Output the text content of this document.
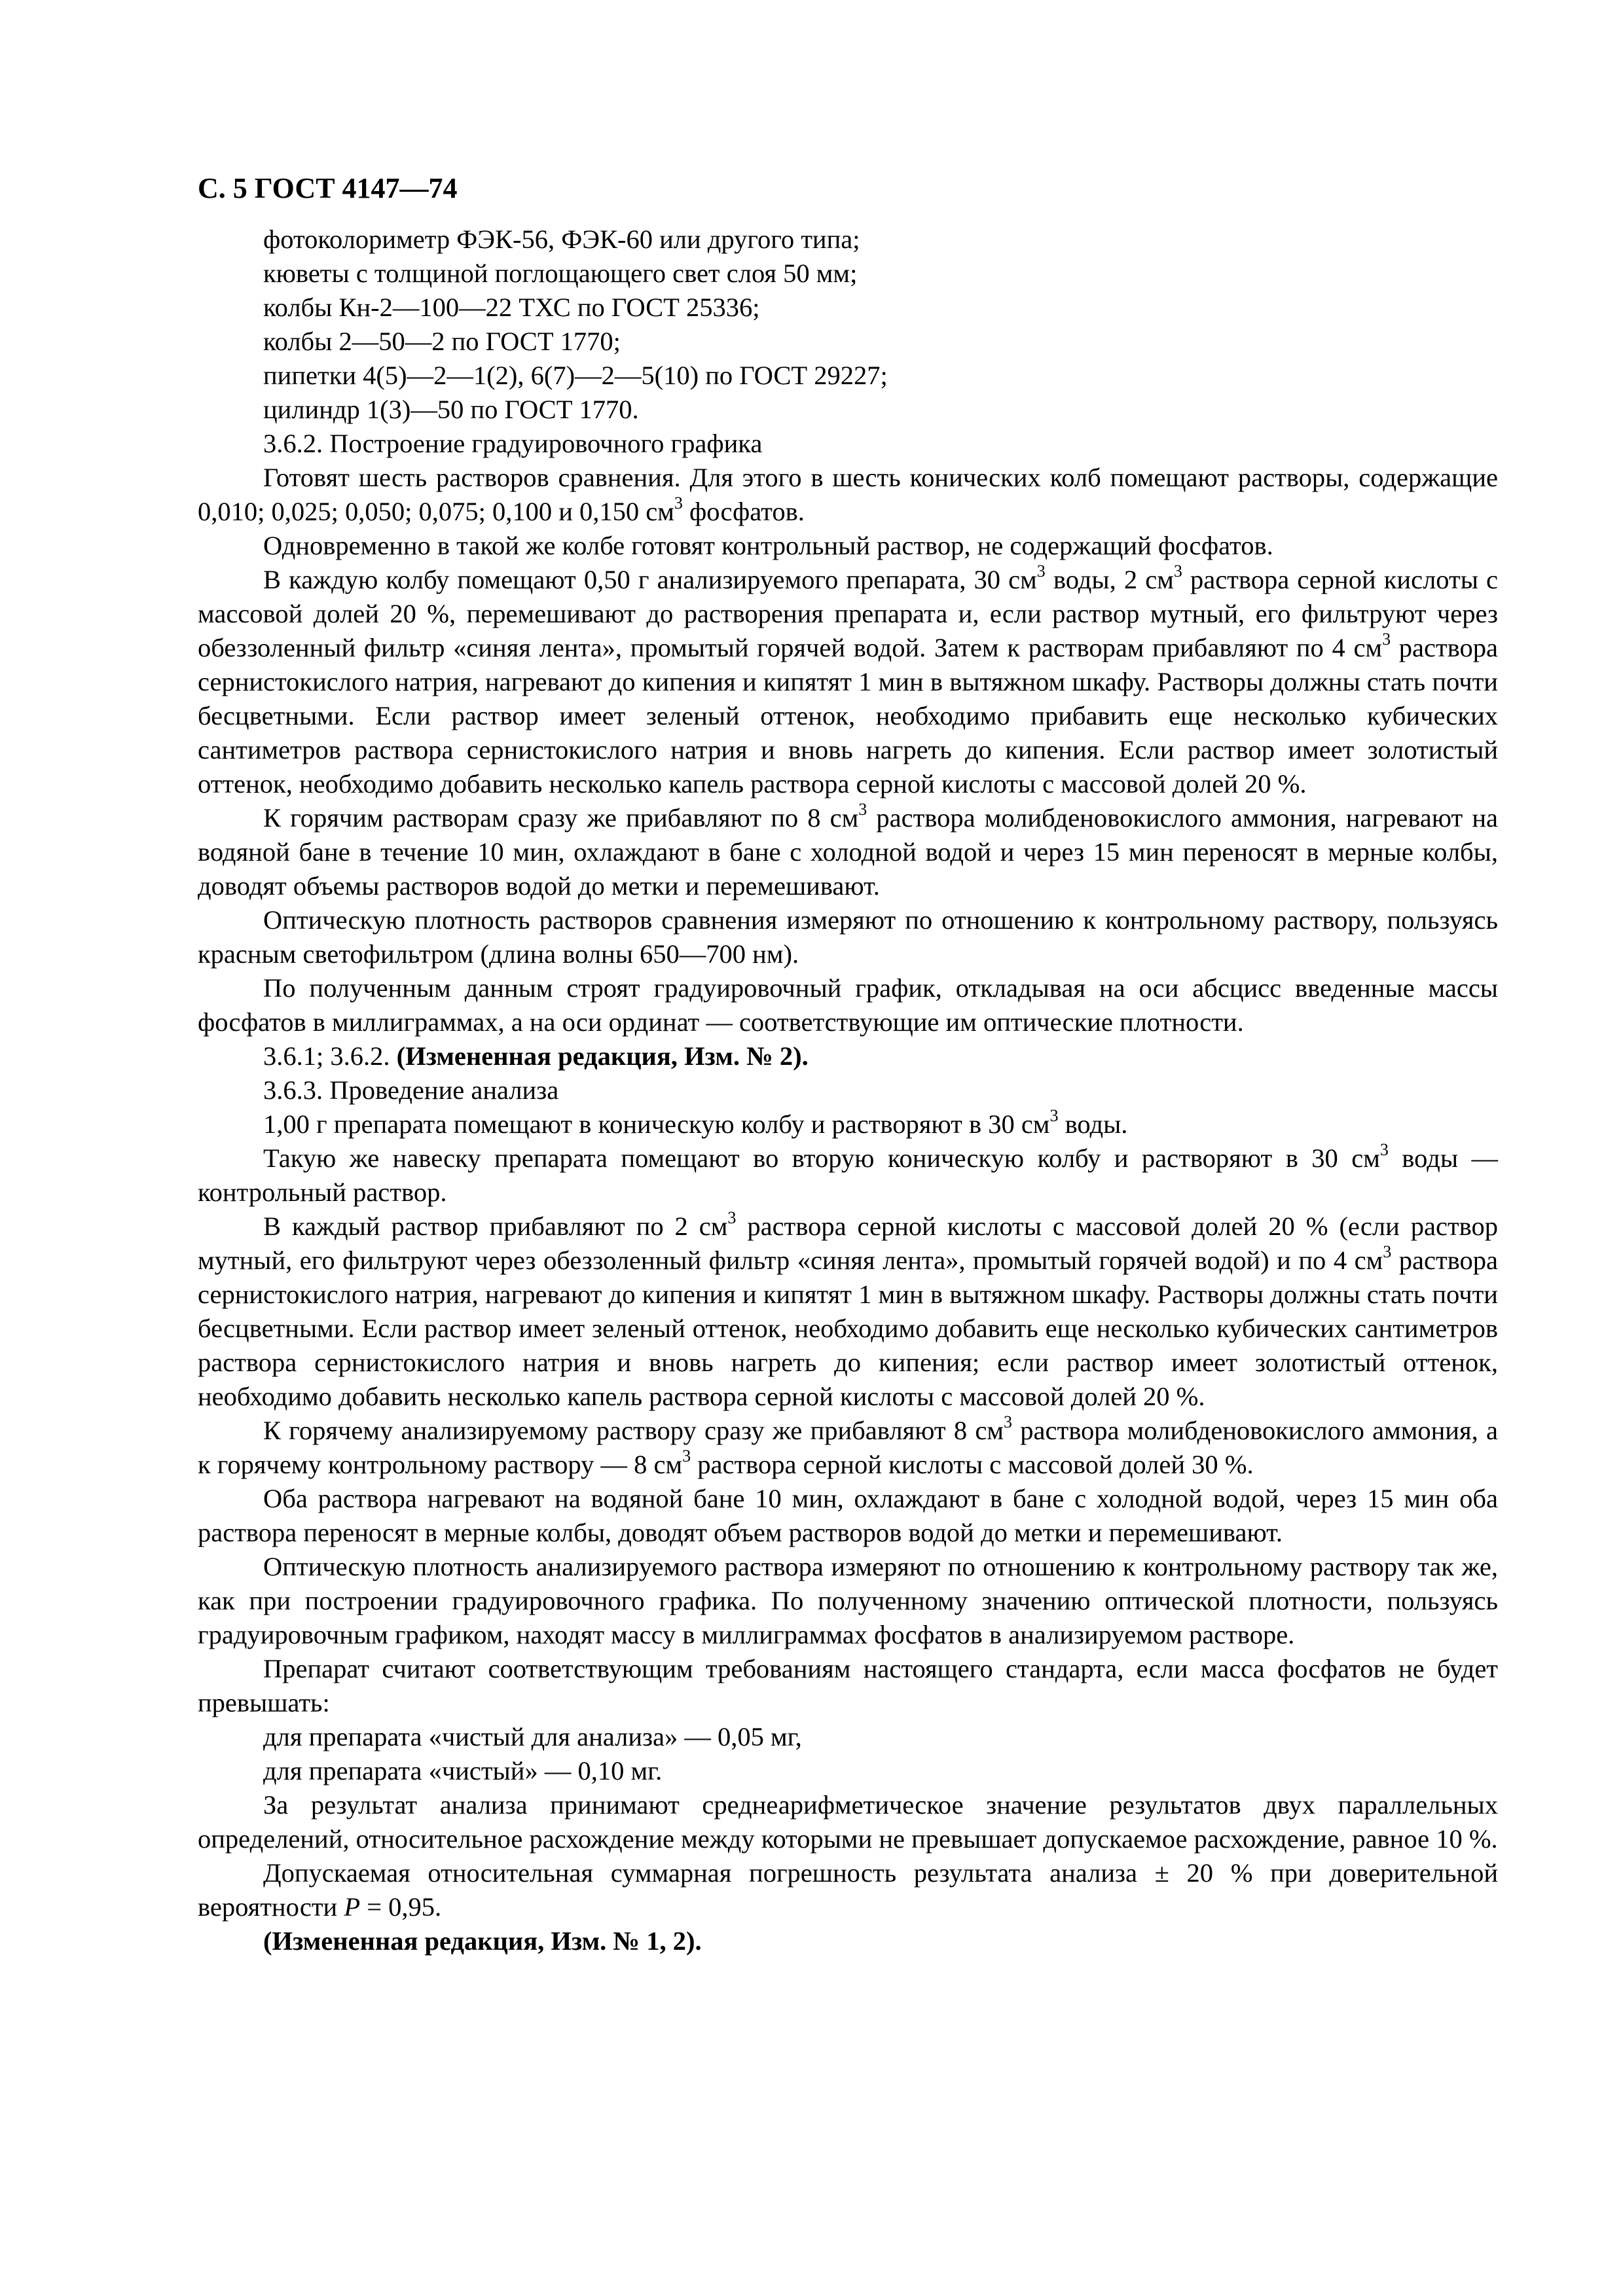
С. 5 ГОСТ 4147—74
фотоколориметр ФЭК-56, ФЭК-60 или другого типа;
кюветы с толщиной поглощающего свет слоя 50 мм;
колбы Кн-2—100—22 ТХС по ГОСТ 25336;
колбы 2—50—2 по ГОСТ 1770;
пипетки 4(5)—2—1(2), 6(7)—2—5(10) по ГОСТ 29227;
цилиндр 1(3)—50 по ГОСТ 1770.
3.6.2. Построение градуировочного графика
Готовят шесть растворов сравнения. Для этого в шесть конических колб помещают растворы, содержащие 0,010; 0,025; 0,050; 0,075; 0,100 и 0,150 $см^3$ фосфатов.
Одновременно в такой же колбе готовят контрольный раствор, не содержащий фосфатов.
В каждую колбу помещают 0,50 г анализируемого препарата, 30 $см^3$ воды, 2 $см^3$ раствора серной кислоты с массовой долей 20 %, перемешивают до растворения препарата и, если раствор мутный, его фильтруют через обеззоленный фильтр «синяя лента», промытый горячей водой. Затем к растворам прибавляют по 4 $см^3$ раствора сернистокислого натрия, нагревают до кипения и кипятят 1 мин в вытяжном шкафу. Растворы должны стать почти бесцветными. Если раствор имеет зеленый оттенок, необходимо прибавить еще несколько кубических сантиметров раствора сернистокислого натрия и вновь нагреть до кипения. Если раствор имеет золотистый оттенок, необходимо добавить несколько капель раствора серной кислоты с массовой долей 20 %.
К горячим растворам сразу же прибавляют по 8 $см^3$ раствора молибденовокислого аммония, нагревают на водяной бане в течение 10 мин, охлаждают в бане с холодной водой и через 15 мин переносят в мерные колбы, доводят объемы растворов водой до метки и перемешивают.
Оптическую плотность растворов сравнения измеряют по отношению к контрольному раствору, пользуясь красным светофильтром (длина волны 650—700 нм).
По полученным данным строят градуировочный график, откладывая на оси абсцисс введенные массы фосфатов в миллиграммах, а на оси ординат — соответствующие им оптические плотности.
3.6.1; 3.6.2. (Измененная редакция, Изм. № 2).
3.6.3. Проведение анализа
1,00 г препарата помещают в коническую колбу и растворяют в 30 $см^3$ воды.
Такую же навеску препарата помещают во вторую коническую колбу и растворяют в 30 $см^3$ воды — контрольный раствор.
В каждый раствор прибавляют по 2 $см^3$ раствора серной кислоты с массовой долей 20 % (если раствор мутный, его фильтруют через обеззоленный фильтр «синяя лента», промытый горячей водой) и по 4 $см^3$ раствора сернистокислого натрия, нагревают до кипения и кипятят 1 мин в вытяжном шкафу. Растворы должны стать почти бесцветными. Если раствор имеет зеленый оттенок, необходимо добавить еще несколько кубических сантиметров раствора сернистокислого натрия и вновь нагреть до кипения; если раствор имеет золотистый оттенок, необходимо добавить несколько капель раствора серной кислоты с массовой долей 20 %.
К горячему анализируемому раствору сразу же прибавляют 8 $см^3$ раствора молибденовокислого аммония, а к горячему контрольному раствору — 8 $см^3$ раствора серной кислоты с массовой долей 30 %.
Оба раствора нагревают на водяной бане 10 мин, охлаждают в бане с холодной водой, через 15 мин оба раствора переносят в мерные колбы, доводят объем растворов водой до метки и перемешивают.
Оптическую плотность анализируемого раствора измеряют по отношению к контрольному раствору так же, как при построении градуировочного графика. По полученному значению оптической плотности, пользуясь градуировочным графиком, находят массу в миллиграммах фосфатов в анализируемом растворе.
Препарат считают соответствующим требованиям настоящего стандарта, если масса фосфатов не будет превышать:
для препарата «чистый для анализа» — 0,05 мг,
для препарата «чистый» — 0,10 мг.
За результат анализа принимают среднеарифметическое значение результатов двух параллельных определений, относительное расхождение между которыми не превышает допускаемое расхождение, равное 10 %.
Допускаемая относительная суммарная погрешность результата анализа ± 20 % при доверительной вероятности P = 0,95.
(Измененная редакция, Изм. № 1, 2).
